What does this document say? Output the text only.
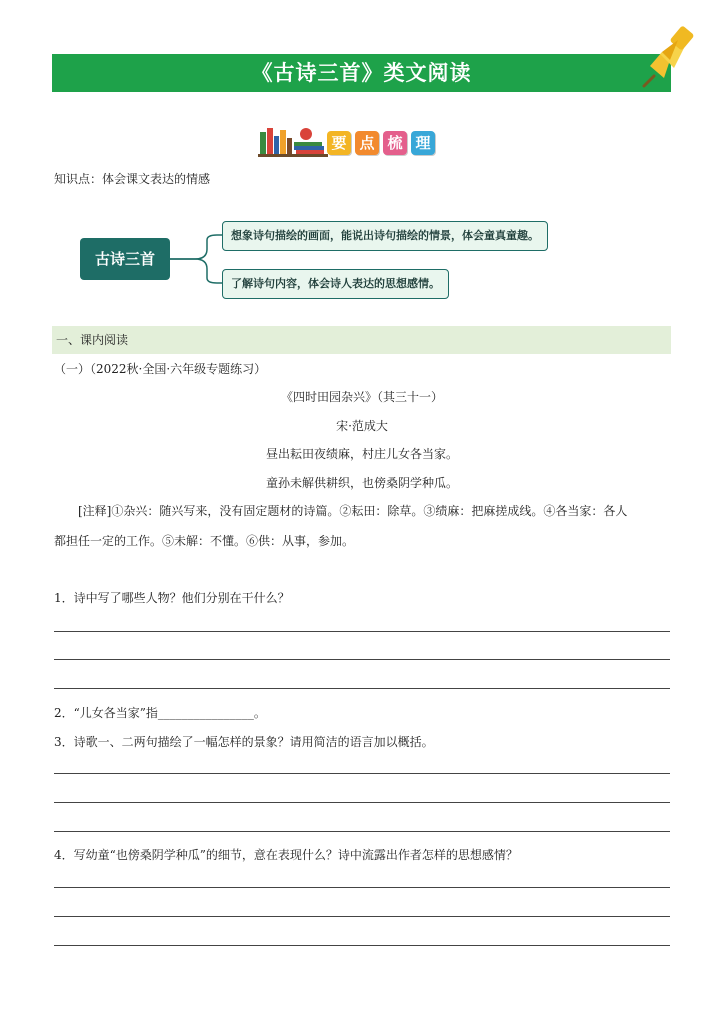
《古诗三首》类文阅读
要 点 梳 理
知识点：体会课文表达的情感
古诗三首
想象诗句描绘的画面，能说出诗句描绘的情景，体会童真童趣。
了解诗句内容，体会诗人表达的思想感情。
一、课内阅读
（一）（2022秋·全国·六年级专题练习）
《四时田园杂兴》（其三十一）
宋·范成大
昼出耘田夜绩麻，村庄儿女各当家。
童孙未解供耕织，也傍桑阴学种瓜。
[注释]①杂兴：随兴写来，没有固定题材的诗篇。②耘田：除草。③绩麻：把麻搓成线。④各当家：各人
都担任一定的工作。⑤未解：不懂。⑥供：从事，参加。
1．诗中写了哪些人物？他们分别在干什么？
2．“儿女各当家”指________________。
3．诗歌一、二两句描绘了一幅怎样的景象？请用简洁的语言加以概括。
4．写幼童“也傍桑阴学种瓜”的细节，意在表现什么？诗中流露出作者怎样的思想感情？
